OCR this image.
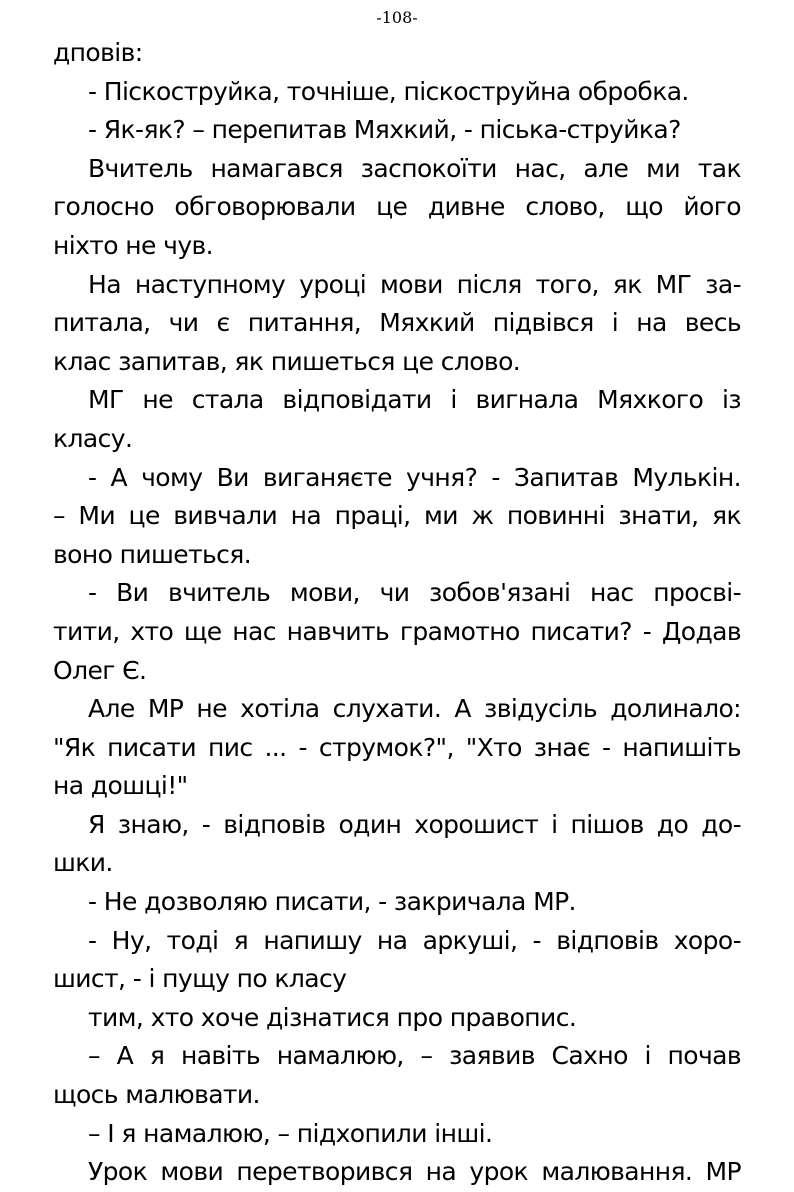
-108-
дповів:
- Піскоструйка, точніше, піскоструйна обробка.
- Як-як? – перепитав Мяхкий, - піська-струйка?
Вчитель намагався заспокоїти нас, але ми так
голосно обговорювали це дивне слово, що його
ніхто не чув.
На наступному уроці мови після того, як МГ за-
питала, чи є питання, Мяхкий підвівся і на весь
клас запитав, як пишеться це слово.
МГ не стала відповідати і вигнала Мяхкого із
класу.
- А чому Ви виганяєте учня? - Запитав Мулькін.
– Ми це вивчали на праці, ми ж повинні знати, як
воно пишеться.
- Ви вчитель мови, чи зобов'язані нас просві-
тити, хто ще нас навчить грамотно писати? - Додав
Олег Є.
Але МР не хотіла слухати. А звідусіль долинало:
"Як писати пис ... - струмок?", "Хто знає - напишіть
на дошці!"
Я знаю, - відповів один хорошист і пішов до до-
шки.
- Не дозволяю писати, - закричала МР.
- Ну, тоді я напишу на аркуші, - відповів хоро-
шист, - і пущу по класу
тим, хто хоче дізнатися про правопис.
– А я навіть намалюю, – заявив Сахно і почав
щось малювати.
– І я намалюю, – підхопили інші.
Урок мови перетворився на урок малювання. МР
